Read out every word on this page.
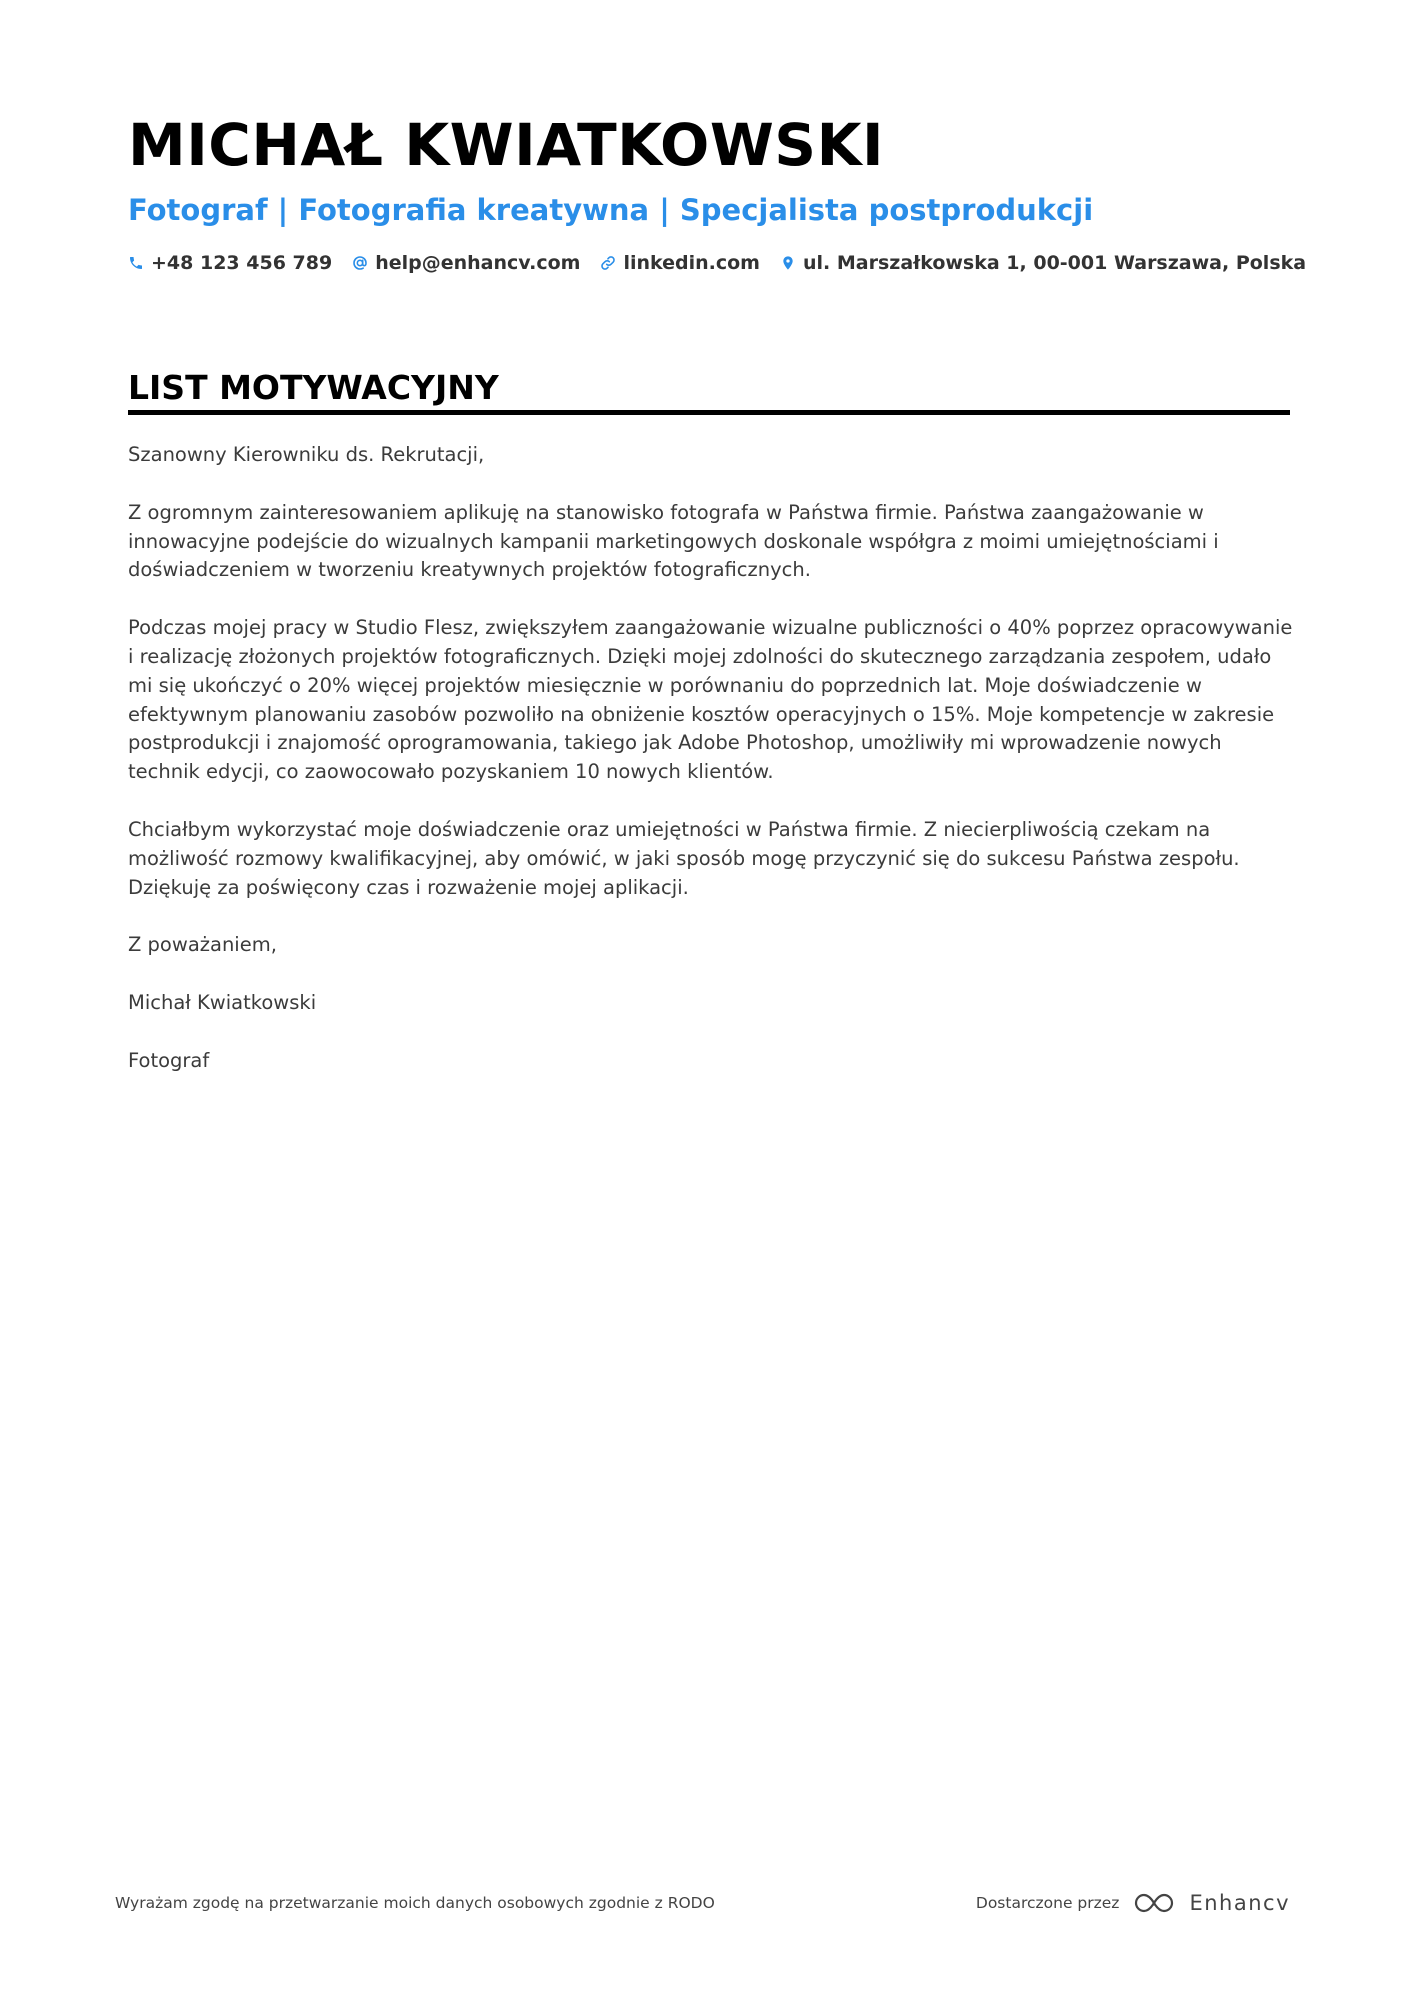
MICHAŁ KWIATKOWSKI
Fotograf | Fotografia kreatywna | Specjalista postprodukcji
+48 123 456 789 help@enhancv.com linkedin.com ul. Marszałkowska 1, 00-001 Warszawa, Polska
LIST MOTYWACYJNY

Szanowny Kierowniku ds. Rekrutacji,

Z ogromnym zainteresowaniem aplikuję na stanowisko fotografa w Państwa firmie. Państwa zaangażowanie w innowacyjne podejście do wizualnych kampanii marketingowych doskonale współgra z moimi umiejętnościami i doświadczeniem w tworzeniu kreatywnych projektów fotograficznych.

Podczas mojej pracy w Studio Flesz, zwiększyłem zaangażowanie wizualne publiczności o 40% poprzez opracowywanie i realizację złożonych projektów fotograficznych. Dzięki mojej zdolności do skutecznego zarządzania zespołem, udało mi się ukończyć o 20% więcej projektów miesięcznie w porównaniu do poprzednich lat. Moje doświadczenie w efektywnym planowaniu zasobów pozwoliło na obniżenie kosztów operacyjnych o 15%. Moje kompetencje w zakresie postprodukcji i znajomość oprogramowania, takiego jak Adobe Photoshop, umożliwiły mi wprowadzenie nowych technik edycji, co zaowocowało pozyskaniem 10 nowych klientów.

Chciałbym wykorzystać moje doświadczenie oraz umiejętności w Państwa firmie. Z niecierpliwością czekam na możliwość rozmowy kwalifikacyjnej, aby omówić, w jaki sposób mogę przyczynić się do sukcesu Państwa zespołu. Dziękuję za poświęcony czas i rozważenie mojej aplikacji.

Z poważaniem,

Michał Kwiatkowski

Fotograf

Wyrażam zgodę na przetwarzanie moich danych osobowych zgodnie z RODO	Dostarczone przez	Enhancv
